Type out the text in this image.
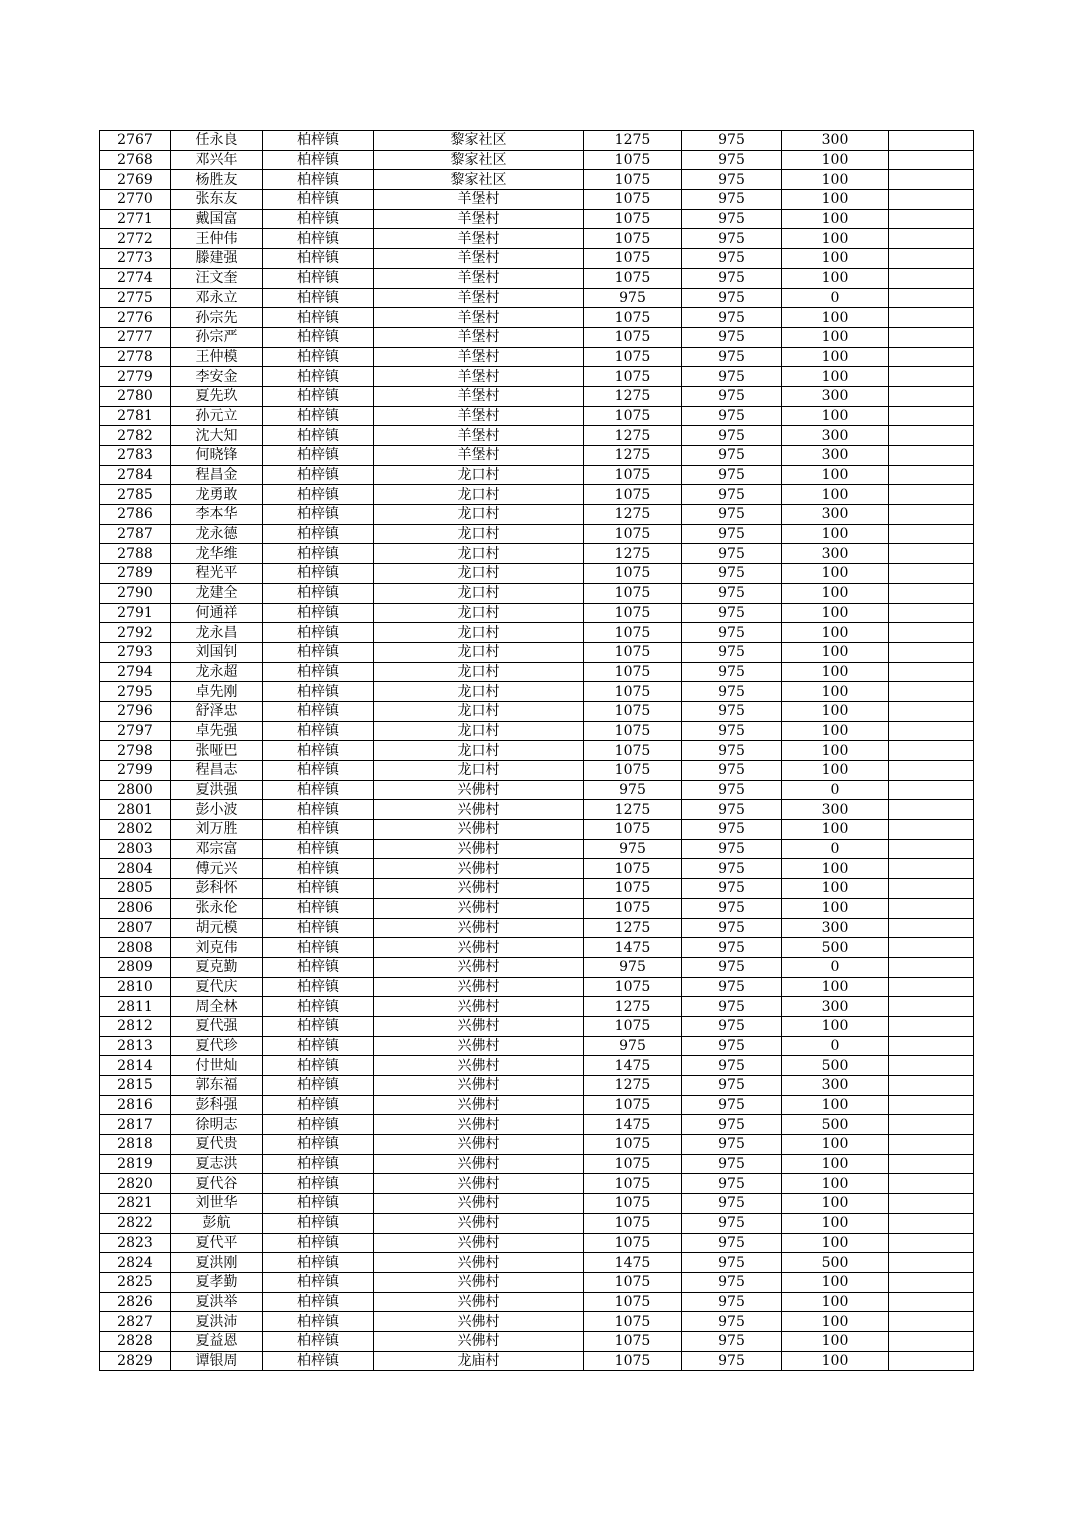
2767	任永良	柏梓镇	黎家社区	1275	975	300	
2768	邓兴年	柏梓镇	黎家社区	1075	975	100	
2769	杨胜友	柏梓镇	黎家社区	1075	975	100	
2770	张东友	柏梓镇	羊堡村	1075	975	100	
2771	戴国富	柏梓镇	羊堡村	1075	975	100	
2772	王仲伟	柏梓镇	羊堡村	1075	975	100	
2773	滕建强	柏梓镇	羊堡村	1075	975	100	
2774	汪文奎	柏梓镇	羊堡村	1075	975	100	
2775	邓永立	柏梓镇	羊堡村	975	975	0	
2776	孙宗先	柏梓镇	羊堡村	1075	975	100	
2777	孙宗严	柏梓镇	羊堡村	1075	975	100	
2778	王仲模	柏梓镇	羊堡村	1075	975	100	
2779	李安金	柏梓镇	羊堡村	1075	975	100	
2780	夏先玖	柏梓镇	羊堡村	1275	975	300	
2781	孙元立	柏梓镇	羊堡村	1075	975	100	
2782	沈大知	柏梓镇	羊堡村	1275	975	300	
2783	何晓锋	柏梓镇	羊堡村	1275	975	300	
2784	程昌金	柏梓镇	龙口村	1075	975	100	
2785	龙勇敢	柏梓镇	龙口村	1075	975	100	
2786	李本华	柏梓镇	龙口村	1275	975	300	
2787	龙永德	柏梓镇	龙口村	1075	975	100	
2788	龙华维	柏梓镇	龙口村	1275	975	300	
2789	程光平	柏梓镇	龙口村	1075	975	100	
2790	龙建全	柏梓镇	龙口村	1075	975	100	
2791	何通祥	柏梓镇	龙口村	1075	975	100	
2792	龙永昌	柏梓镇	龙口村	1075	975	100	
2793	刘国钊	柏梓镇	龙口村	1075	975	100	
2794	龙永超	柏梓镇	龙口村	1075	975	100	
2795	卓先刚	柏梓镇	龙口村	1075	975	100	
2796	舒泽忠	柏梓镇	龙口村	1075	975	100	
2797	卓先强	柏梓镇	龙口村	1075	975	100	
2798	张哑巴	柏梓镇	龙口村	1075	975	100	
2799	程昌志	柏梓镇	龙口村	1075	975	100	
2800	夏洪强	柏梓镇	兴佛村	975	975	0	
2801	彭小波	柏梓镇	兴佛村	1275	975	300	
2802	刘万胜	柏梓镇	兴佛村	1075	975	100	
2803	邓宗富	柏梓镇	兴佛村	975	975	0	
2804	傅元兴	柏梓镇	兴佛村	1075	975	100	
2805	彭科怀	柏梓镇	兴佛村	1075	975	100	
2806	张永伦	柏梓镇	兴佛村	1075	975	100	
2807	胡元模	柏梓镇	兴佛村	1275	975	300	
2808	刘克伟	柏梓镇	兴佛村	1475	975	500	
2809	夏克勤	柏梓镇	兴佛村	975	975	0	
2810	夏代庆	柏梓镇	兴佛村	1075	975	100	
2811	周全林	柏梓镇	兴佛村	1275	975	300	
2812	夏代强	柏梓镇	兴佛村	1075	975	100	
2813	夏代珍	柏梓镇	兴佛村	975	975	0	
2814	付世灿	柏梓镇	兴佛村	1475	975	500	
2815	郭东福	柏梓镇	兴佛村	1275	975	300	
2816	彭科强	柏梓镇	兴佛村	1075	975	100	
2817	徐明志	柏梓镇	兴佛村	1475	975	500	
2818	夏代贵	柏梓镇	兴佛村	1075	975	100	
2819	夏志洪	柏梓镇	兴佛村	1075	975	100	
2820	夏代谷	柏梓镇	兴佛村	1075	975	100	
2821	刘世华	柏梓镇	兴佛村	1075	975	100	
2822	彭航	柏梓镇	兴佛村	1075	975	100	
2823	夏代平	柏梓镇	兴佛村	1075	975	100	
2824	夏洪刚	柏梓镇	兴佛村	1475	975	500	
2825	夏孝勤	柏梓镇	兴佛村	1075	975	100	
2826	夏洪举	柏梓镇	兴佛村	1075	975	100	
2827	夏洪沛	柏梓镇	兴佛村	1075	975	100	
2828	夏益恩	柏梓镇	兴佛村	1075	975	100	
2829	谭银周	柏梓镇	龙庙村	1075	975	100	
